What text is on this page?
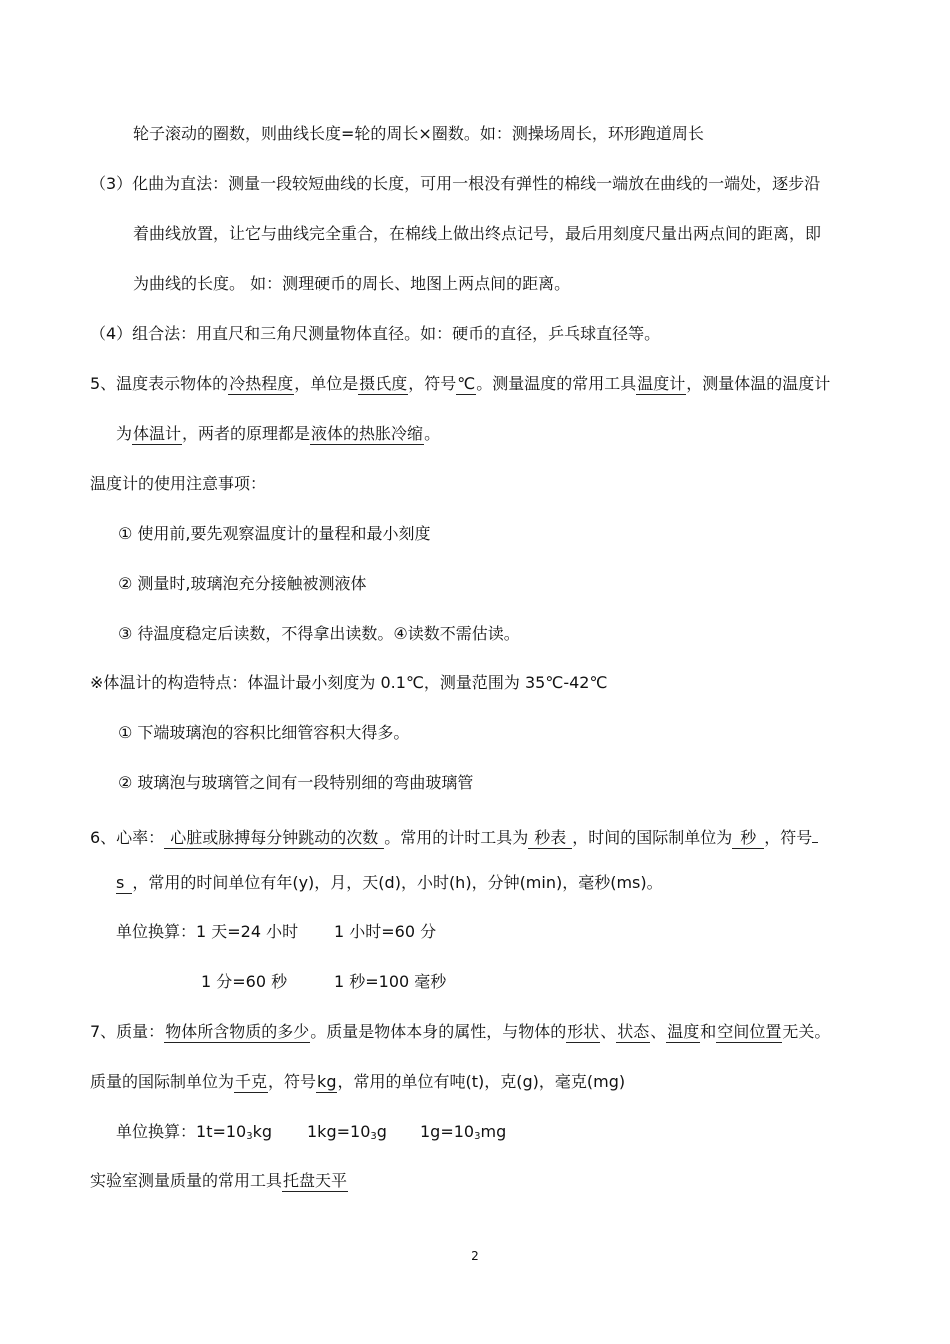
轮子滚动的圈数，则曲线长度=轮的周长×圈数。如：测操场周长，环形跑道周长
（3）化曲为直法：测量一段较短曲线的长度，可用一根没有弹性的棉线一端放在曲线的一端处，逐步沿
着曲线放置，让它与曲线完全重合，在棉线上做出终点记号，最后用刻度尺量出两点间的距离，即
为曲线的长度。 如：测理硬币的周长、地图上两点间的距离。
（4）组合法：用直尺和三角尺测量物体直径。如：硬币的直径，乒乓球直径等。
5、温度表示物体的冷热程度，单位是摄氏度，符号℃。测量温度的常用工具温度计，测量体温的温度计
为体温计，两者的原理都是液体的热胀冷缩。
温度计的使用注意事项：
① 使用前,要先观察温度计的量程和最小刻度
② 测量时,玻璃泡充分接触被测液体
③ 待温度稳定后读数，不得拿出读数。④读数不需估读。
※体温计的构造特点：体温计最小刻度为 0.1℃，测量范围为 35℃-42℃
① 下端玻璃泡的容积比细管容积大得多。
② 玻璃泡与玻璃管之间有一段特别细的弯曲玻璃管
6、心率： 心脏或脉搏每分钟跳动的次数 。常用的计时工具为 秒表 ，时间的国际制单位为 秒 ，符号
s ，常用的时间单位有年(y)，月，天(d)，小时(h)，分钟(min)，毫秒(ms)。
单位换算：1 天=24 小时 1 小时=60 分
1 分=60 秒	1 秒=100 毫秒
7、质量：物体所含物质的多少。质量是物体本身的属性，与物体的形状、状态、温度和空间位置无关。
质量的国际制单位为千克，符号kg，常用的单位有吨(t)，克(g)，毫克(mg)
单位换算：$1t=10_3kg$ $1kg=10_3g$ $1g=10_3mg$
实验室测量质量的常用工具托盘天平
2
